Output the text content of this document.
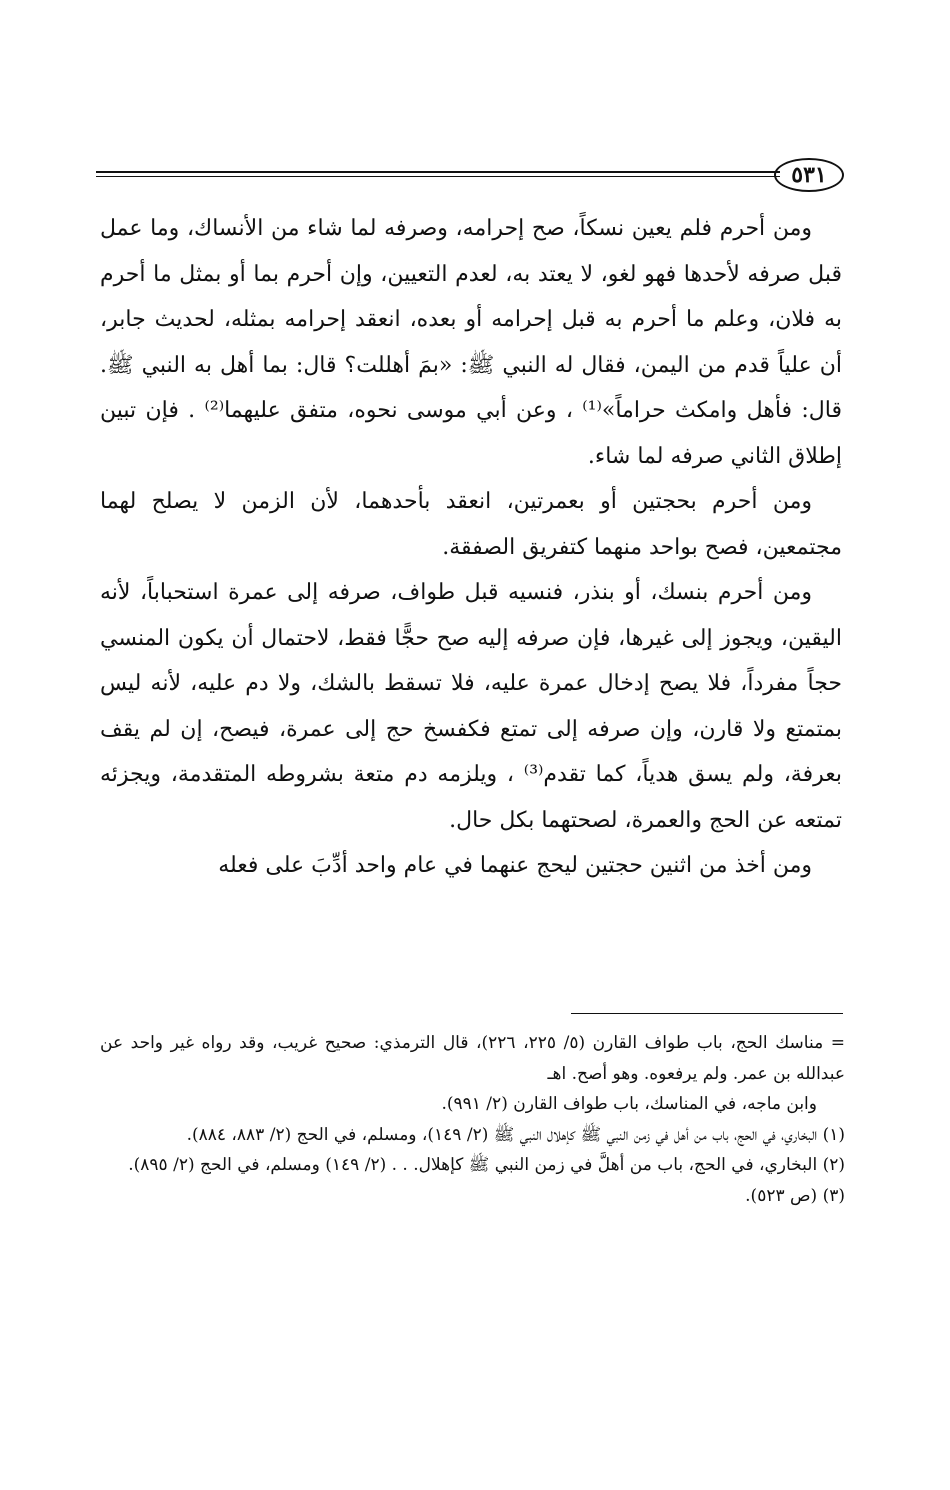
٥٣١

ومن أحرم فلم يعين نسكاً، صح إحرامه، وصرفه لما شاء من الأنساك، وما عمل قبل صرفه لأحدها فهو لغو، لا يعتد به، لعدم التعيين، وإن أحرم بما أو بمثل ما أحرم به فلان، وعلم ما أحرم به قبل إحرامه أو بعده، انعقد إحرامه بمثله، لحديث جابر، أن علياً قدم من اليمن، فقال له النبي ﷺ: «بمَ أهللت؟ قال: بما أهل به النبي ﷺ. قال: فأهل وامكث حراماً»⁽¹⁾ ، وعن أبي موسى نحوه، متفق عليهما⁽²⁾ . فإن تبين إطلاق الثاني صرفه لما شاء.

ومن أحرم بحجتين أو بعمرتين، انعقد بأحدهما، لأن الزمن لا يصلح لهما مجتمعين، فصح بواحد منهما كتفريق الصفقة.

ومن أحرم بنسك، أو بنذر، فنسيه قبل طواف، صرفه إلى عمرة استحباباً، لأنه اليقين، ويجوز إلى غيرها، فإن صرفه إليه صح حجًّا فقط، لاحتمال أن يكون المنسي حجاً مفرداً، فلا يصح إدخال عمرة عليه، فلا تسقط بالشك، ولا دم عليه، لأنه ليس بمتمتع ولا قارن، وإن صرفه إلى تمتع فكفسخ حج إلى عمرة، فيصح، إن لم يقف بعرفة، ولم يسق هدياً، كما تقدم⁽³⁾ ، ويلزمه دم متعة بشروطه المتقدمة، ويجزئه تمتعه عن الحج والعمرة، لصحتهما بكل حال.

ومن أخذ من اثنين حجتين ليحج عنهما في عام واحد أدِّبَ على فعله

= مناسك الحج، باب طواف القارن (٥/ ٢٢٥، ٢٢٦)، قال الترمذي: صحيح غريب، وقد رواه غير واحد عن عبدالله بن عمر. ولم يرفعوه. وهو أصح. اهـ

وابن ماجه، في المناسك، باب طواف القارن (٢/ ٩٩١).

(١) البخاري، في الحج، باب من أهل في زمن النبي ﷺ كإهلال النبي ﷺ (٢/ ١٤٩)، ومسلم، في الحج (٢/ ٨٨٣، ٨٨٤).

(٢) البخاري، في الحج، باب من أهلَّ في زمن النبي ﷺ كإهلال. . . (٢/ ١٤٩) ومسلم، في الحج (٢/ ٨٩٥).

(٣) (ص ٥٢٣).
